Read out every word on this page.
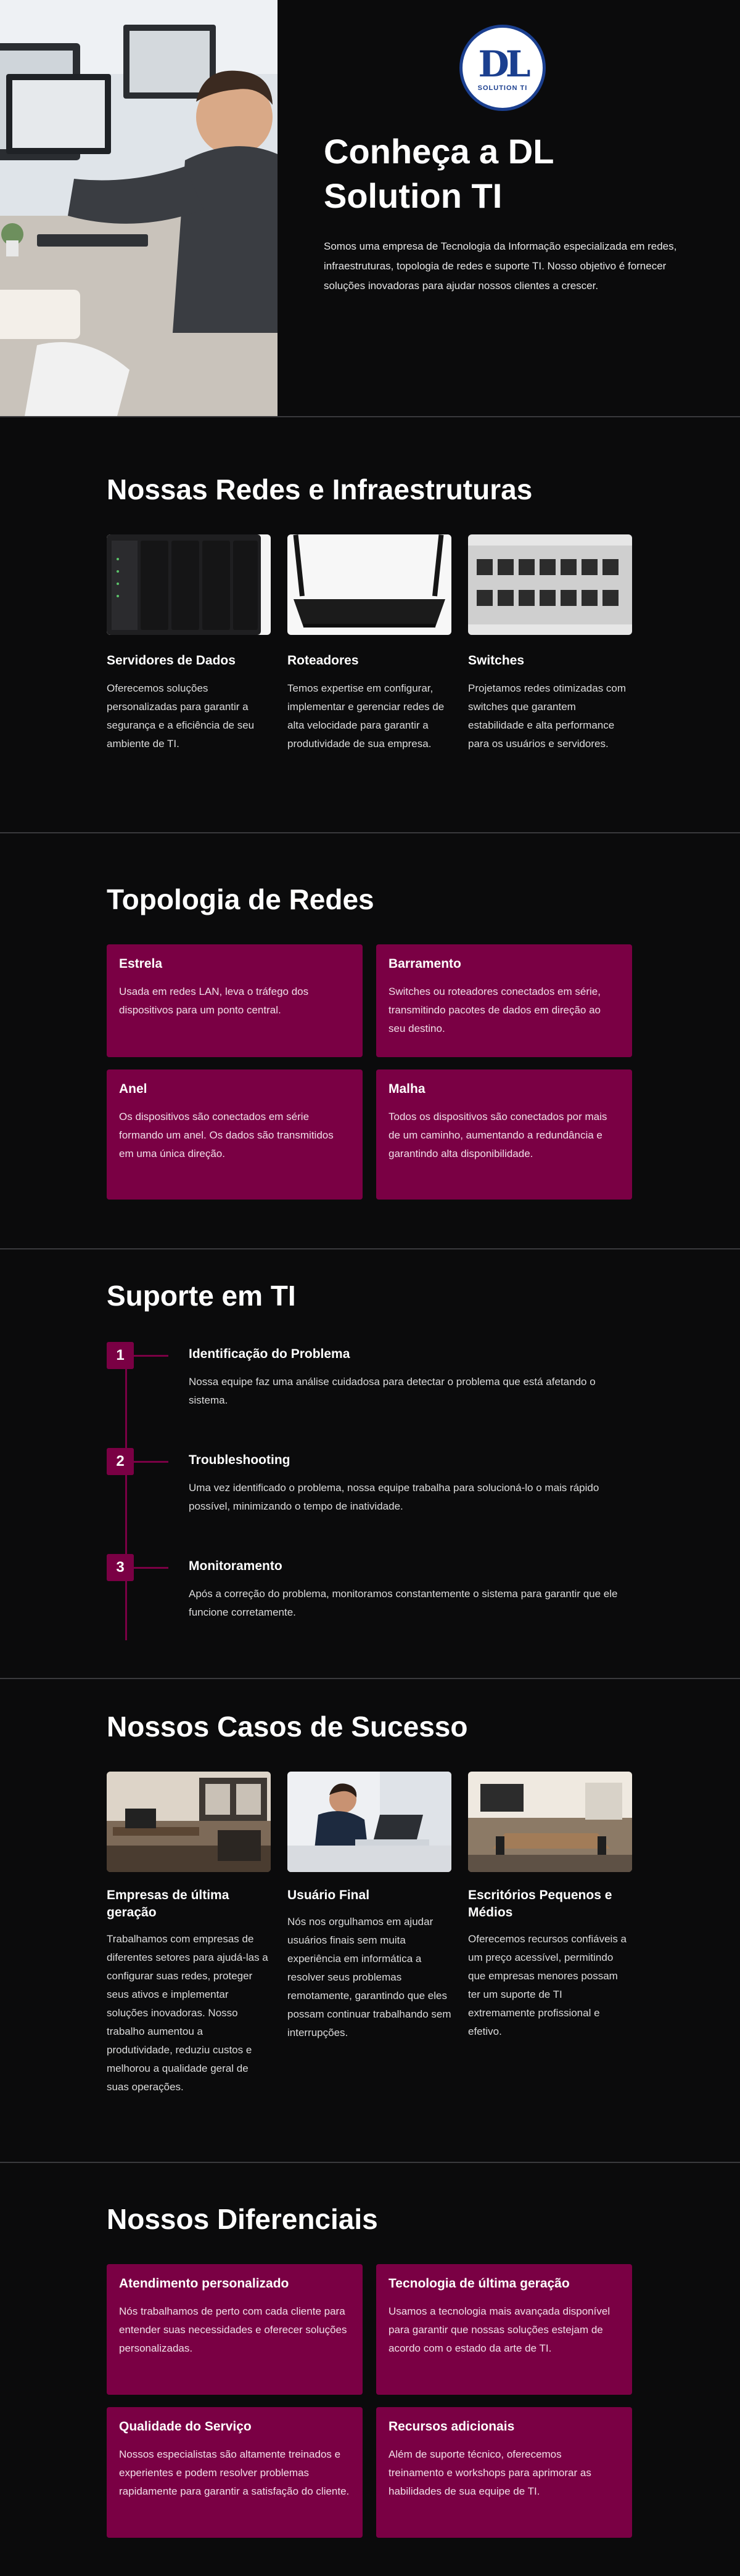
DL
SOLUTION TI
Conheça a DL Solution TI

Somos uma empresa de Tecnologia da Informação especializada em redes, infraestruturas, topologia de redes e suporte TI. Nosso objetivo é fornecer soluções inovadoras para ajudar nossos clientes a crescer.

Nossas Redes e Infraestruturas
Servidores de Dados

Oferecemos soluções personalizadas para garantir a segurança e a eficiência de seu ambiente de TI.

Roteadores

Temos expertise em configurar, implementar e gerenciar redes de alta velocidade para garantir a produtividade de sua empresa.

Switches

Projetamos redes otimizadas com switches que garantem estabilidade e alta performance para os usuários e servidores.

Topologia de Redes
Estrela

Usada em redes LAN, leva o tráfego dos dispositivos para um ponto central.

Barramento

Switches ou roteadores conectados em série, transmitindo pacotes de dados em direção ao seu destino.

Anel

Os dispositivos são conectados em série formando um anel. Os dados são transmitidos em uma única direção.

Malha

Todos os dispositivos são conectados por mais de um caminho, aumentando a redundância e garantindo alta disponibilidade.

Suporte em TI
1	Identificação do Problema

Nossa equipe faz uma análise cuidadosa para detectar o problema que está afetando o sistema.

2	Troubleshooting

Uma vez identificado o problema, nossa equipe trabalha para solucioná-lo o mais rápido possível, minimizando o tempo de inatividade.

3	Monitoramento

Após a correção do problema, monitoramos constantemente o sistema para garantir que ele funcione corretamente.

Nossos Casos de Sucesso
Empresas de última geração

Trabalhamos com empresas de diferentes setores para ajudá-las a configurar suas redes, proteger seus ativos e implementar soluções inovadoras. Nosso trabalho aumentou a produtividade, reduziu custos e melhorou a qualidade geral de suas operações.

Usuário Final

Nós nos orgulhamos em ajudar usuários finais sem muita experiência em informática a resolver seus problemas remotamente, garantindo que eles possam continuar trabalhando sem interrupções.

Escritórios Pequenos e Médios

Oferecemos recursos confiáveis a um preço acessível, permitindo que empresas menores possam ter um suporte de TI extremamente profissional e efetivo.

Nossos Diferenciais
Atendimento personalizado

Nós trabalhamos de perto com cada cliente para entender suas necessidades e oferecer soluções personalizadas.

Tecnologia de última geração

Usamos a tecnologia mais avançada disponível para garantir que nossas soluções estejam de acordo com o estado da arte de TI.

Qualidade do Serviço

Nossos especialistas são altamente treinados e experientes e podem resolver problemas rapidamente para garantir a satisfação do cliente.

Recursos adicionais

Além de suporte técnico, oferecemos treinamento e workshops para aprimorar as habilidades de sua equipe de TI.
